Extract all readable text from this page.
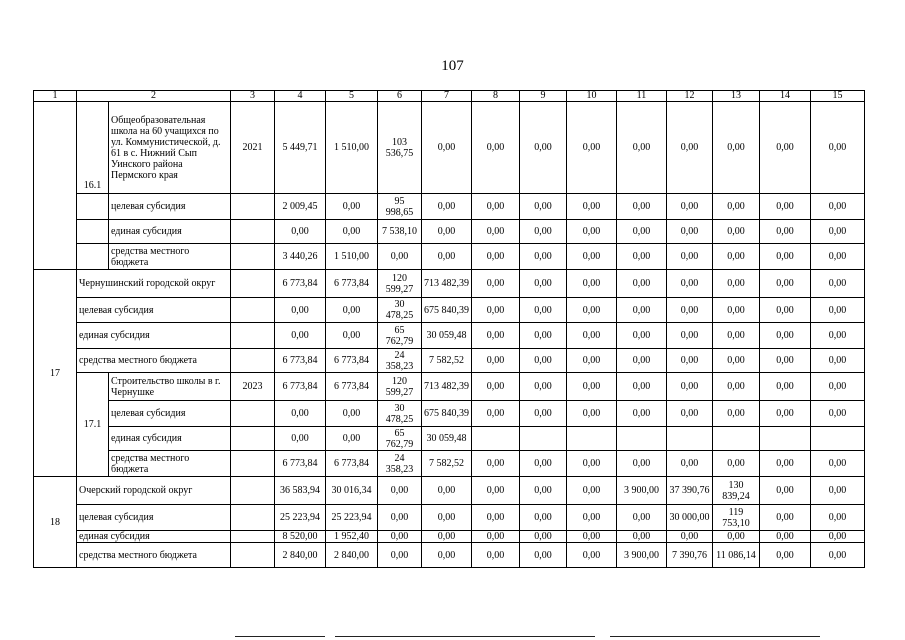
107
1	2		3	4	5	6	7	8	9	10	11	12	13	14	15
	16.1	Общеобразовательная школа на 60 учащихся по ул. Коммунистической, д. 61 в с. Нижний Сып Уинского района Пермского края	2021	5 449,71	1 510,00	103 536,75	0,00	0,00	0,00	0,00	0,00	0,00	0,00	0,00	0,00
		целевая субсидия		2 009,45	0,00	95 998,65	0,00	0,00	0,00	0,00	0,00	0,00	0,00	0,00	0,00
		единая субсидия		0,00	0,00	7 538,10	0,00	0,00	0,00	0,00	0,00	0,00	0,00	0,00	0,00
		средства местного бюджета		3 440,26	1 510,00	0,00	0,00	0,00	0,00	0,00	0,00	0,00	0,00	0,00	0,00
17	Чернушинский городской округ			6 773,84	6 773,84	120 599,27	713 482,39	0,00	0,00	0,00	0,00	0,00	0,00	0,00	0,00
	целевая субсидия			0,00	0,00	30 478,25	675 840,39	0,00	0,00	0,00	0,00	0,00	0,00	0,00	0,00
	единая субсидия			0,00	0,00	65 762,79	30 059,48	0,00	0,00	0,00	0,00	0,00	0,00	0,00	0,00
	средства местного бюджета			6 773,84	6 773,84	24 358,23	7 582,52	0,00	0,00	0,00	0,00	0,00	0,00	0,00	0,00
	17.1	Строительство школы в г. Чернушке	2023	6 773,84	6 773,84	120 599,27	713 482,39	0,00	0,00	0,00	0,00	0,00	0,00	0,00	0,00
		целевая субсидия		0,00	0,00	30 478,25	675 840,39	0,00	0,00	0,00	0,00	0,00	0,00	0,00	0,00
		единая субсидия		0,00	0,00	65 762,79	30 059,48								
		средства местного бюджета		6 773,84	6 773,84	24 358,23	7 582,52	0,00	0,00	0,00	0,00	0,00	0,00	0,00	0,00
18	Очерский городской округ			36 583,94	30 016,34	0,00	0,00	0,00	0,00	0,00	3 900,00	37 390,76	130 839,24	0,00	0,00
	целевая субсидия			25 223,94	25 223,94	0,00	0,00	0,00	0,00	0,00	0,00	30 000,00	119 753,10	0,00	0,00
	единая субсидия			8 520,00	1 952,40	0,00	0,00	0,00	0,00	0,00	0,00	0,00	0,00	0,00	0,00
	средства местного бюджета			2 840,00	2 840,00	0,00	0,00	0,00	0,00	0,00	3 900,00	7 390,76	11 086,14	0,00	0,00
